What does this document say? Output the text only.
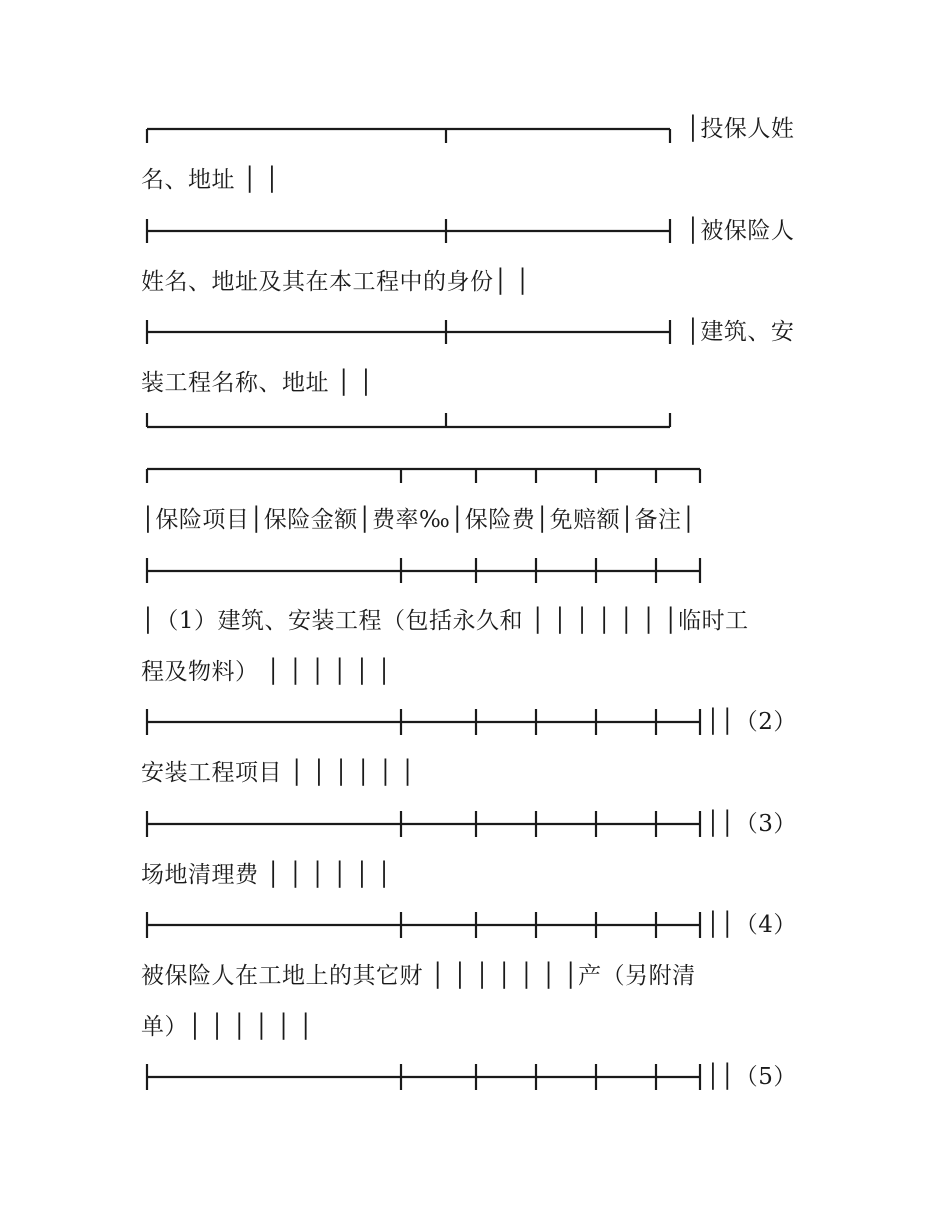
│投保人姓
名、地址 │ │
│被保险人
姓名、地址及其在本工程中的身份│ │
│建筑、安
装工程名称、地址 │ │
│保险项目│保险金额│费率‰│保险费│免赔额│备注│
│（1）建筑、安装工程（包括永久和 │ │ │ │ │ │ │临时工
程及物料） │ │ │ │ │ │
││（2）
安装工程项目 │ │ │ │ │ │
││（3）
场地清理费 │ │ │ │ │ │
││（4）
被保险人在工地上的其它财 │ │ │ │ │ │ │产（另附清
单）│ │ │ │ │ │
││（5）
